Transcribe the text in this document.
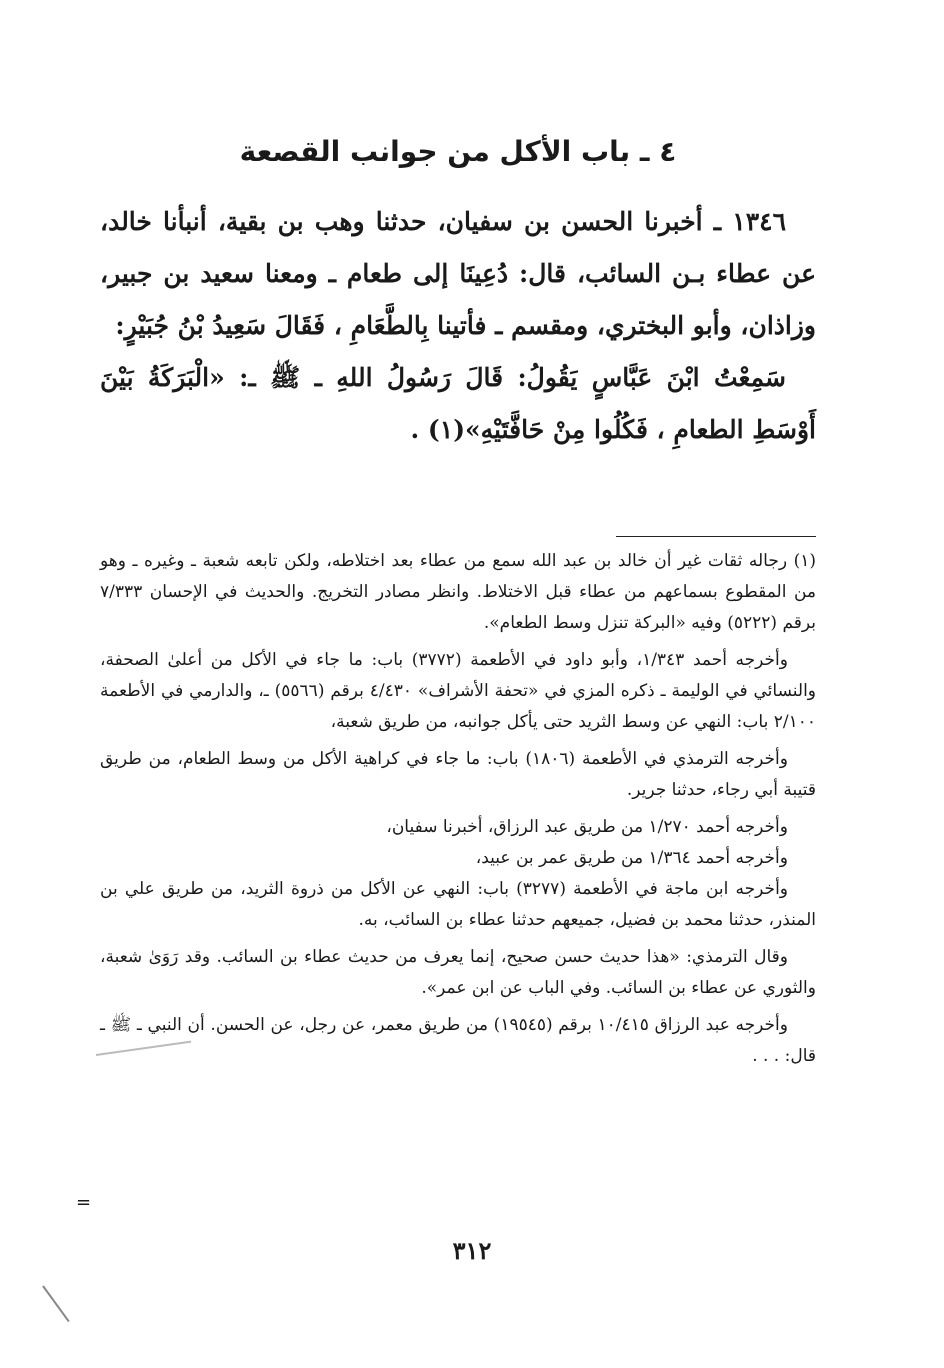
٤ ـ باب الأكل من جوانب القصعة

١٣٤٦ ـ أخبرنا الحسن بن سفيان، حدثنا وهب بن بقية، أنبأنا خالد، عن عطاء بـن السائب، قال: دُعِينَا إلى طعام ـ ومعنا سعيد بن جبير، وزاذان، وأبو البختري، ومقسم ـ فأتينا بِالطَّعَامِ ، فَقَالَ سَعِيدُ بْنُ جُبَيْرٍ:

سَمِعْتُ ابْنَ عَبَّاسٍ يَقُولُ: قَالَ رَسُولُ اللهِ ـ ﷺ ـ: «الْبَرَكَةُ بَيْنَ أَوْسَطِ الطعامِ ، فَكُلُوا مِنْ حَافَّتَيْهِ»(١) .

(١) رجاله ثقات غير أن خالد بن عبد الله سمع من عطاء بعد اختلاطه، ولكن تابعه شعبة ـ وغيره ـ وهو من المقطوع بسماعهم من عطاء قبل الاختلاط. وانظر مصادر التخريج. والحديث في الإحسان ٧/٣٣٣ برقم (٥٢٢٢) وفيه «البركة تنزل وسط الطعام».

وأخرجه أحمد ١/٣٤٣، وأبو داود في الأطعمة (٣٧٧٢) باب: ما جاء في الأكل من أعلىٰ الصحفة، والنسائي في الوليمة ـ ذكره المزي في «تحفة الأشراف» ٤/٤٣٠ برقم (٥٥٦٦) ـ، والدارمي في الأطعمة ٢/١٠٠ باب: النهي عن وسط الثريد حتى يأكل جوانبه، من طريق شعبة،

وأخرجه الترمذي في الأطعمة (١٨٠٦) باب: ما جاء في كراهية الأكل من وسط الطعام، من طريق قتيبة أبي رجاء، حدثنا جرير.

وأخرجه أحمد ١/٢٧٠ من طريق عبد الرزاق، أخبرنا سفيان،

وأخرجه أحمد ١/٣٦٤ من طريق عمر بن عبيد،

وأخرجه ابن ماجة في الأطعمة (٣٢٧٧) باب: النهي عن الأكل من ذروة الثريد، من طريق علي بن المنذر، حدثنا محمد بن فضيل، جميعهم حدثنا عطاء بن السائب، به.

وقال الترمذي: «هذا حديث حسن صحيح، إنما يعرف من حديث عطاء بن السائب. وقد رَوَىٰ شعبة، والثوري عن عطاء بن السائب. وفي الباب عن ابن عمر».

وأخرجه عبد الرزاق ١٠/٤١٥ برقم (١٩٥٤٥) من طريق معمر، عن رجل، عن الحسن. أن النبي ـ ﷺ ـ قال: . . .

=
٣١٢
